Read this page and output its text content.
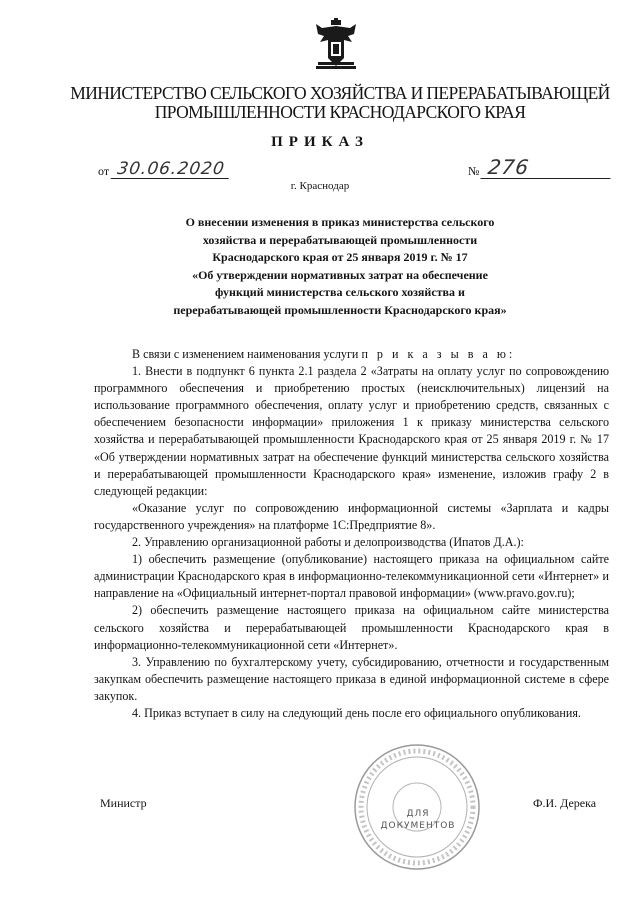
МИНИСТЕРСТВО СЕЛЬСКОГО ХОЗЯЙСТВА И ПЕРЕРАБАТЫВАЮЩЕЙ
ПРОМЫШЛЕННОСТИ КРАСНОДАРСКОГО КРАЯ
ПРИКАЗ
от 30.06.2020	№ 276
г. Краснодар
О внесении изменения в приказ министерства сельского
хозяйства и перерабатывающей промышленности
Краснодарского края от 25 января 2019 г. № 17
«Об утверждении нормативных затрат на обеспечение
функций министерства сельского хозяйства и
перерабатывающей промышленности Краснодарского края»

В связи с изменением наименования услуги п р и к а з ы в а ю:

1. Внести в подпункт 6 пункта 2.1 раздела 2 «Затраты на оплату услуг по сопровождению программного обеспечения и приобретению простых (неисключительных) лицензий на использование программного обеспечения, оплату услуг и приобретению средств, связанных с обеспечением безопасности информации» приложения 1 к приказу министерства сельского хозяйства и перерабатывающей промышленности Краснодарского края от 25 января 2019 г. № 17 «Об утверждении нормативных затрат на обеспечение функций министерства сельского хозяйства и перерабатывающей промышленности Краснодарского края» изменение, изложив графу 2 в следующей редакции:

«Оказание услуг по сопровождению информационной системы «Зарплата и кадры государственного учреждения» на платформе 1С:Предприятие 8».

2. Управлению организационной работы и делопроизводства (Ипатов Д.А.):

1) обеспечить размещение (опубликование) настоящего приказа на официальном сайте администрации Краснодарского края в информационно-телекоммуникационной сети «Интернет» и направление на «Официальный интернет-портал правовой информации» (www.pravo.gov.ru);

2) обеспечить размещение настоящего приказа на официальном сайте министерства сельского хозяйства и перерабатывающей промышленности Краснодарского края в информационно-телекоммуникационной сети «Интернет».

3. Управлению по бухгалтерскому учету, субсидированию, отчетности и государственным закупкам обеспечить размещение настоящего приказа в единой информационной системе в сфере закупок.

4. Приказ вступает в силу на следующий день после его официального опубликования.

Министр	Ф.И. Дерека
ДЛЯ
ДОКУМЕНТОВ
